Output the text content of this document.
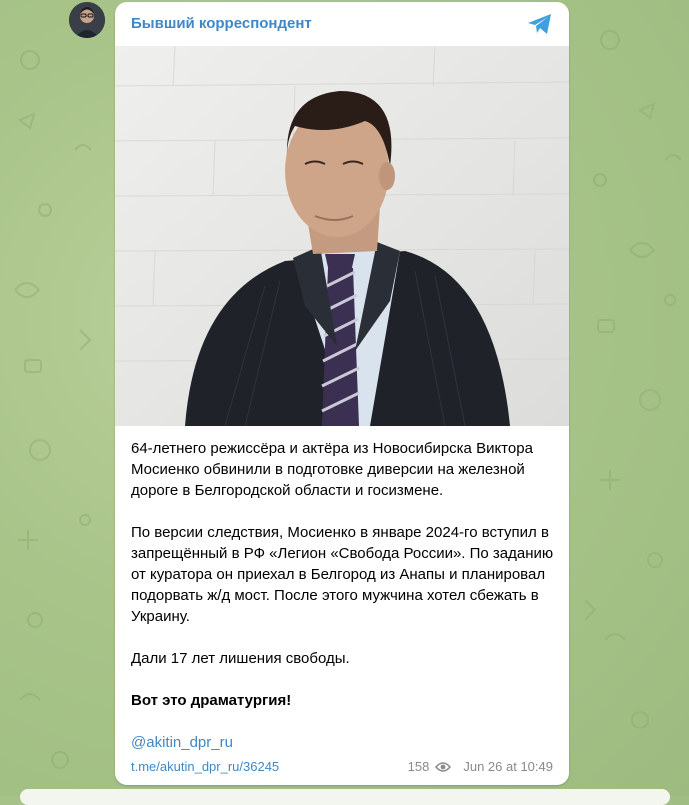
Бывший корреспондент

64-летнего режиссёра и актёра из Новосибирска Виктора Мосиенко обвинили в подготовке диверсии на железной дороге в Белгородской области и госизмене.

По версии следствия, Мосиенко в январе 2024-го вступил в запрещённый в РФ «Легион «Свобода России». По заданию от куратора он приехал в Белгород из Анапы и планировал подорвать ж/д мост. После этого мужчина хотел сбежать в Украину.

Дали 17 лет лишения свободы.

Вот это драматургия!

@akitin_dpr_ru

t.me/akutin_dpr_ru/36245	158	Jun 26 at 10:49
